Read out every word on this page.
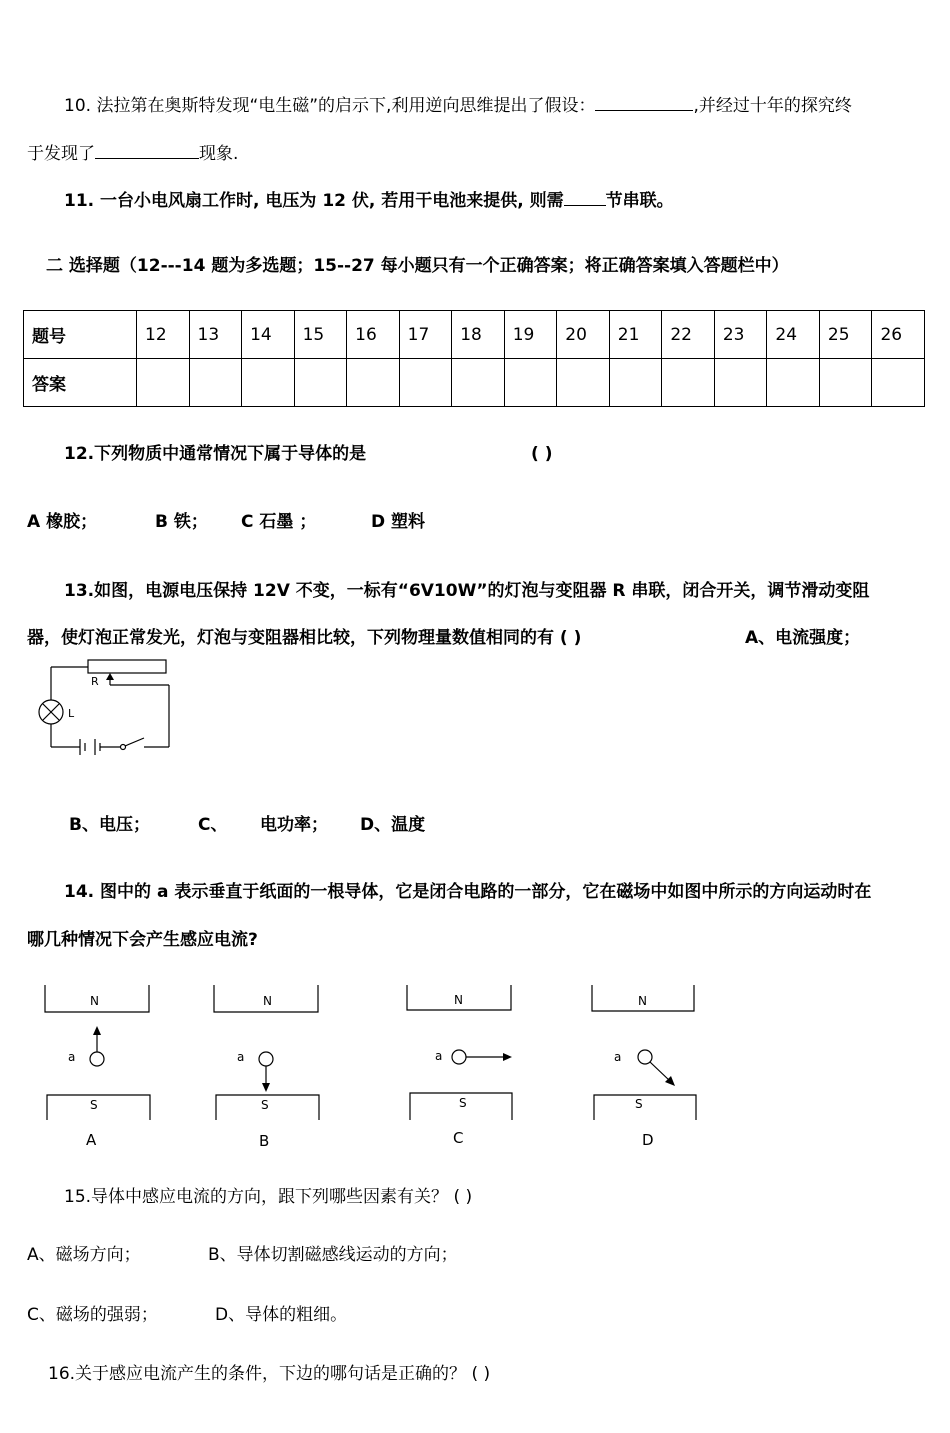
10. 法拉第在奥斯特发现“电生磁”的启示下,利用逆向思维提出了假设：	,并经过十年的探究终
于发现了	现象.
11. 一台小电风扇工作时, 电压为 12 伏, 若用干电池来提供, 则需 节串联。
二 选择题（12---14 题为多选题；15--27 每小题只有一个正确答案；将正确答案填入答题栏中）
题号	12	13	14	15	16	17	18	19	20	21	22	23	24	25	26
答案															
12.下列物质中通常情况下属于导体的是	( )
A 橡胶；	B 铁； C 石墨 ；	D 塑料
13.如图，电源电压保持 12V 不变，一标有“6V10W”的灯泡与变阻器 R 串联，闭合开关，调节滑动变阻
器，使灯泡正常发光，灯泡与变阻器相比较，下列物理量数值相同的有 ( )	A、电流强度；
R
L
B、电压；	C、 电功率； D、温度
14. 图中的 a 表示垂直于纸面的一根导体，它是闭合电路的一部分，它在磁场中如图中所示的方向运动时在
哪几种情况下会产生感应电流?
N
S
a
A
N
S
a
B
N
S
a
C
N
S
a
D
15.导体中感应电流的方向，跟下列哪些因素有关？ ( )
A、磁场方向；	B、导体切割磁感线运动的方向；
C、磁场的强弱；	D、导体的粗细。
16.关于感应电流产生的条件，下边的哪句话是正确的？ ( )
